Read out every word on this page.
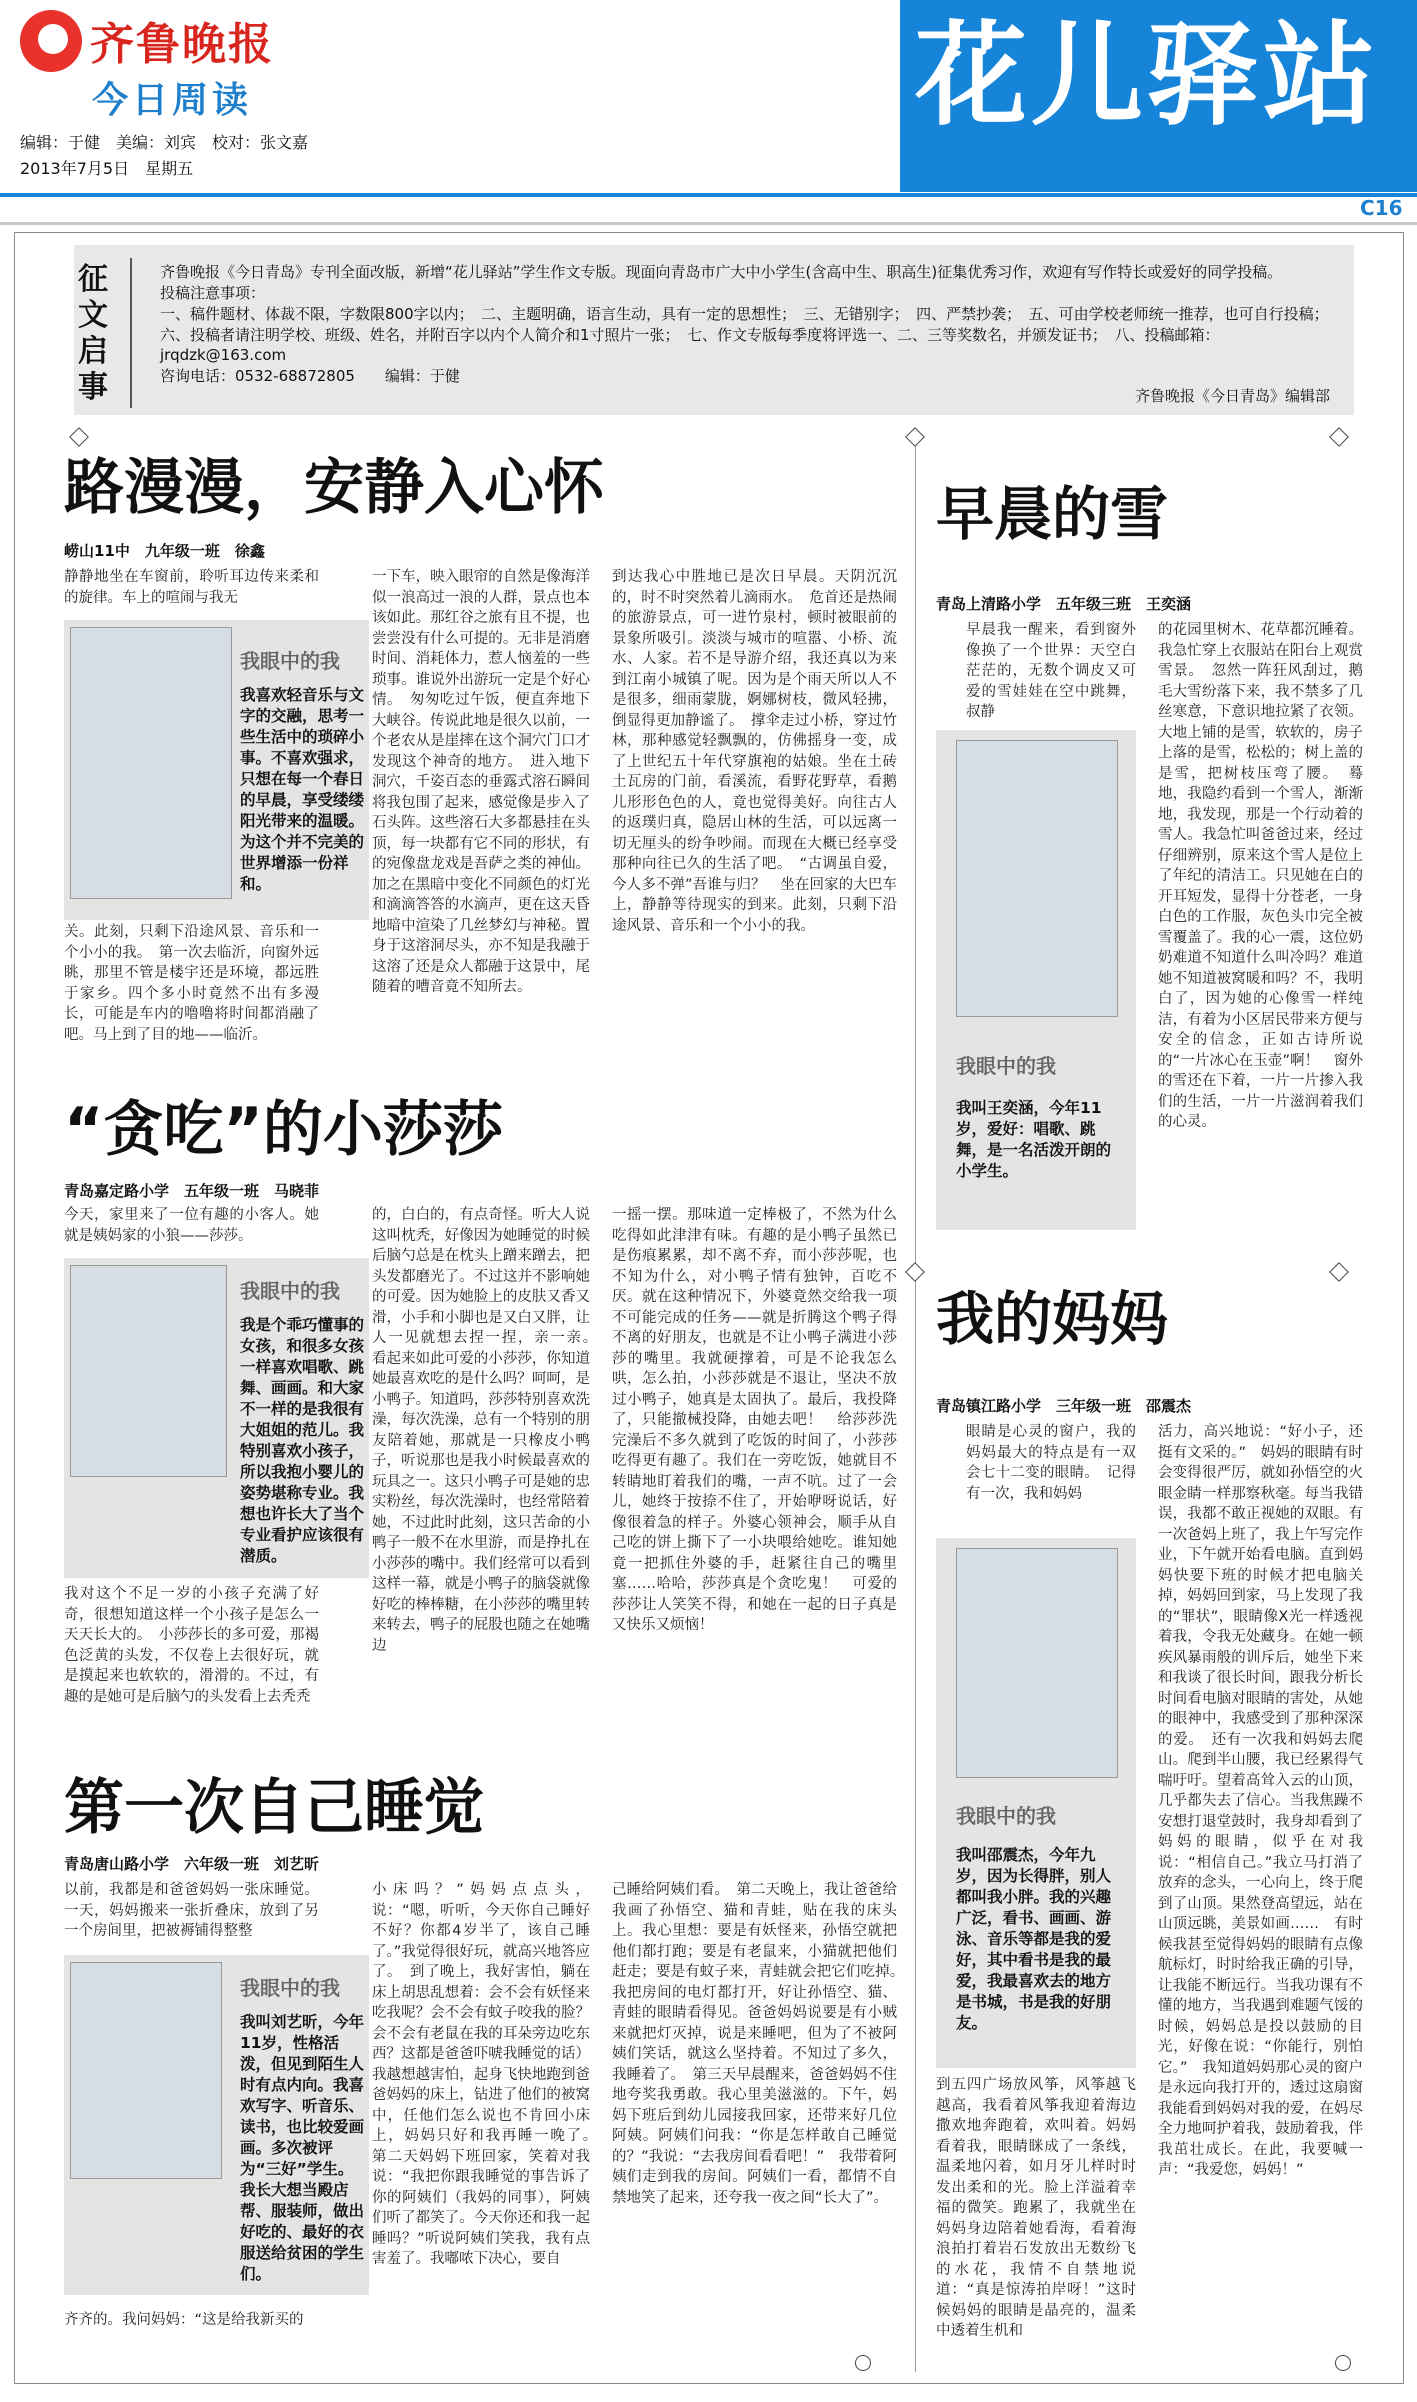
齐鲁晚报
今日周读
编辑：于健　美编：刘宾　校对：张文嘉
2013年7月5日　星期五
花儿驿站
C16
征文启事
齐鲁晚报《今日青岛》专刊全面改版，新增“花儿驿站”学生作文专版。现面向青岛市广大中小学生(含高中生、职高生)征集优秀习作，欢迎有写作特长或爱好的同学投稿。
投稿注意事项：
一、稿件题材、体裁不限，字数限800字以内；　二、主题明确，语言生动，具有一定的思想性；　三、无错别字；　四、严禁抄袭；　五、可由学校老师统一推荐，也可自行投稿；
六、投稿者请注明学校、班级、姓名，并附百字以内个人简介和1寸照片一张；　七、作文专版每季度将评选一、二、三等奖数名，并颁发证书；　八、投稿邮箱：jrqdzk@163.com
咨询电话：0532-68872805　　编辑：于健
齐鲁晚报《今日青岛》编辑部
路漫漫，安静入心怀
崂山11中　九年级一班　徐鑫
静静地坐在车窗前，聆听耳边传来柔和的旋律。车上的喧闹与我无
我眼中的我
我喜欢轻音乐与文字的交融，思考一些生活中的琐碎小事。不喜欢强求，只想在每一个春日的早晨，享受缕缕阳光带来的温暖。为这个并不完美的世界增添一份祥和。
关。此刻，只剩下沿途风景、音乐和一个小小的我。　第一次去临沂，向窗外远眺，那里不管是楼宇还是环境，都远胜于家乡。四个多小时竟然不出有多漫长，可能是车内的噜噜将时间都消融了吧。马上到了目的地——临沂。
一下车，映入眼帘的自然是像海洋似一浪高过一浪的人群，景点也本该如此。那红谷之旅有且不提，也尝尝没有什么可提的。无非是消磨时间、消耗体力，惹人恼羞的一些琐事。谁说外出游玩一定是个好心情。　匆匆吃过午饭，便直奔地下大峡谷。传说此地是很久以前，一个老农从是崖摔在这个洞穴门口才发现这个神奇的地方。　进入地下洞穴，千姿百态的垂露式溶石瞬间将我包围了起来，感觉像是步入了石头阵。这些溶石大多都悬挂在头顶，每一块都有它不同的形状，有的宛像盘龙戏是吾萨之类的神仙。加之在黑暗中变化不同颜色的灯光和滴滴答答的水滴声，更在这天昏地暗中渲染了几丝梦幻与神秘。置身于这溶洞尽头，亦不知是我融于这溶了还是众人都融于这景中，尾随着的嘈音竟不知所去。
到达我心中胜地已是次日早晨。天阴沉沉的，时不时突然着儿滴雨水。　危首还是热闹的旅游景点，可一进竹泉村，顿时被眼前的景象所吸引。淡淡与城市的喧嚣、小桥、流水、人家。若不是导游介绍，我还真以为来到江南小城镇了呢。因为是个雨天所以人不是很多，细雨蒙胧，婀娜树枝，微风轻拂，倒显得更加静谧了。　撑伞走过小桥，穿过竹林，那种感觉轻飘飘的，仿佛摇身一变，成了上世纪五十年代穿旗袍的姑娘。坐在土砖土瓦房的门前，看溪流，看野花野草，看鹅儿形形色色的人，竟也觉得美好。向往古人的返璞归真，隐居山林的生活，可以远离一切无厘头的纷争吵闹。而现在大概已经享受那种向往已久的生活了吧。　“古调虽自爱，今人多不弹”吾谁与归？　坐在回家的大巴车上，静静等待现实的到来。此刻，只剩下沿途风景、音乐和一个小小的我。
“贪吃”的小莎莎
青岛嘉定路小学　五年级一班　马晓菲
今天，家里来了一位有趣的小客人。她就是姨妈家的小狼——莎莎。
我眼中的我
我是个乖巧懂事的女孩，和很多女孩一样喜欢唱歌、跳舞、画画。和大家不一样的是我很有大姐姐的范儿。我特别喜欢小孩子，所以我抱小婴儿的姿势堪称专业。我想也许长大了当个专业看护应该很有潜质。
我对这个不足一岁的小孩子充满了好奇，很想知道这样一个小孩子是怎么一天天长大的。　小莎莎长的多可爱，那褐色泛黄的头发，不仅卷上去很好玩，就是摸起来也软软的，滑滑的。不过，有趣的是她可是后脑勺的头发看上去秃秃
的，白白的，有点奇怪。听大人说这叫枕秃，好像因为她睡觉的时候后脑勺总是在枕头上蹭来蹭去，把头发都磨光了。不过这并不影响她的可爱。因为她脸上的皮肤又香又滑，小手和小脚也是又白又胖，让人一见就想去捏一捏，亲一亲。　看起来如此可爱的小莎莎，你知道她最喜欢吃的是什么吗？呵呵，是小鸭子。知道吗，莎莎特别喜欢洗澡，每次洗澡，总有一个特别的朋友陪着她，那就是一只橡皮小鸭子，听说那也是我小时候最喜欢的玩具之一。这只小鸭子可是她的忠实粉丝，每次洗澡时，也经常陪着她，不过此时此刻，这只苦命的小鸭子一般不在水里游，而是挣扎在小莎莎的嘴中。我们经常可以看到这样一幕，就是小鸭子的脑袋就像好吃的棒棒糖，在小莎莎的嘴里转来转去，鸭子的屁股也随之在她嘴边
一摇一摆。那味道一定棒极了，不然为什么吃得如此津津有味。有趣的是小鸭子虽然已是伤痕累累，却不离不弃，而小莎莎呢，也不知为什么，对小鸭子情有独钟，百吃不厌。就在这种情况下，外婆竟然交给我一项不可能完成的任务——就是折腾这个鸭子得不离的好朋友，也就是不让小鸭子满进小莎莎的嘴里。我就硬撑着，可是不论我怎么哄，怎么拍，小莎莎就是不退让，坚决不放过小鸭子，她真是太固执了。最后，我投降了，只能撤械投降，由她去吧！　给莎莎洗完澡后不多久就到了吃饭的时间了，小莎莎吃得更有趣了。我们在一旁吃饭，她就目不转睛地盯着我们的嘴，一声不吭。过了一会儿，她终于按捺不住了，开始咿呀说话，好像很着急的样子。外婆心领神会，顺手从自己吃的饼上撕下了一小块喂给她吃。谁知她竟一把抓住外婆的手，赶紧往自己的嘴里塞……哈哈，莎莎真是个贪吃鬼！　可爱的莎莎让人笑笑不得，和她在一起的日子真是又快乐又烦恼！
第一次自己睡觉
青岛唐山路小学　六年级一班　刘艺昕
以前，我都是和爸爸妈妈一张床睡觉。一天，妈妈搬来一张折叠床，放到了另一个房间里，把被褥铺得整整
我眼中的我
我叫刘艺昕，今年11岁，性格活泼，但见到陌生人时有点内向。我喜欢写字、听音乐、读书，也比较爱画画。多次被评为“三好”学生。我长大想当殿店帮、服装师，做出好吃的、最好的衣服送给贫困的学生们。
齐齐的。我问妈妈：“这是给我新买的
小床吗？”妈妈点点头，说：“嗯，听听，今天你自己睡好不好？你都4岁半了，该自己睡了。”我觉得很好玩，就高兴地答应了。　到了晚上，我好害怕，躺在床上胡思乱想着：会不会有妖怪来吃我呢？会不会有蚊子咬我的脸？会不会有老鼠在我的耳朵旁边吃东西？这都是爸爸吓唬我睡觉的话）我越想越害怕，起身飞快地跑到爸爸妈妈的床上，钻进了他们的被窝中，任他们怎么说也不肯回小床上，妈妈只好和我再睡一晚了。　第二天妈妈下班回家，笑着对我说：“我把你跟我睡觉的事告诉了你的阿姨们（我妈的同事），阿姨们听了都笑了。今天你还和我一起睡吗？”听说阿姨们笑我，我有点害羞了。我嘟哝下决心，要自
己睡给阿姨们看。　第二天晚上，我让爸爸给我画了孙悟空、猫和青蛙，贴在我的床头上。我心里想：要是有妖怪来，孙悟空就把他们都打跑；要是有老鼠来，小猫就把他们赶走；要是有蚊子来，青蛙就会把它们吃掉。　我把房间的电灯都打开，好让孙悟空、猫、青蛙的眼睛看得见。爸爸妈妈说要是有小贼来就把灯灭掉，说是来睡吧，但为了不被阿姨们笑话，就这么坚持着。不知过了多久，我睡着了。　第三天早晨醒来，爸爸妈妈不住地夸奖我勇敢。我心里美滋滋的。下午，妈妈下班后到幼儿园接我回家，还带来好几位阿姨。阿姨们问我：“你是怎样敢自己睡觉的？”我说：“去我房间看看吧！”　我带着阿姨们走到我的房间。阿姨们一看，都情不自禁地笑了起来，还夸我一夜之间“长大了”。
早晨的雪
青岛上清路小学　五年级三班　王奕涵
早晨我一醒来，看到窗外像换了一个世界：天空白茫茫的，无数个调皮又可爱的雪娃娃在空中跳舞，叔静
我眼中的我
我叫王奕涵，今年11岁，爱好：唱歌、跳舞，是一名活泼开朗的小学生。
的花园里树木、花草都沉睡着。我急忙穿上衣服站在阳台上观赏雪景。　忽然一阵狂风刮过，鹅毛大雪纷落下来，我不禁多了几丝寒意，下意识地拉紧了衣领。大地上铺的是雪，软软的，房子上落的是雪，松松的；树上盖的是雪，把树枝压弯了腰。　蓦地，我隐约看到一个雪人，渐渐地，我发现，那是一个行动着的雪人。我急忙叫爸爸过来，经过仔细辨别，原来这个雪人是位上了年纪的清洁工。只见她在白的开耳短发，显得十分苍老，一身白色的工作服，灰色头巾完全被雪覆盖了。我的心一震，这位奶奶难道不知道什么叫冷吗？难道她不知道被窝暖和吗？不，我明白了，因为她的心像雪一样纯洁，有着为小区居民带来方便与安全的信念，正如古诗所说的“一片冰心在玉壶”啊！　窗外的雪还在下着，一片一片掺入我们的生活，一片一片滋润着我们的心灵。
我的妈妈
青岛镇江路小学　三年级一班　邵震杰
眼睛是心灵的窗户，我的妈妈最大的特点是有一双会七十二变的眼睛。　记得有一次，我和妈妈
我眼中的我
我叫邵震杰，今年九岁，因为长得胖，别人都叫我小胖。我的兴趣广泛，看书、画画、游泳、音乐等都是我的爱好，其中看书是我的最爱，我最喜欢去的地方是书城，书是我的好朋友。
到五四广场放风筝，风筝越飞越高，我看着风筝我迎着海边撒欢地奔跑着，欢叫着。妈妈看着我，眼睛眯成了一条线，温柔地闪着，如月牙儿样时时发出柔和的光。脸上洋溢着幸福的微笑。跑累了，我就坐在妈妈身边陪着她看海，看着海浪拍打着岩石发放出无数纷飞的水花，我情不自禁地说道：“真是惊涛拍岸呀！”这时候妈妈的眼睛是晶亮的，温柔中透着生机和
活力，高兴地说：“好小子，还挺有文采的。”　妈妈的眼睛有时会变得很严厉，就如孙悟空的火眼金睛一样那察秋毫。每当我错误，我都不敢正视她的双眼。有一次爸妈上班了，我上午写完作业，下午就开始看电脑。直到妈妈快要下班的时候才把电脑关掉，妈妈回到家，马上发现了我的“罪状”，眼睛像X光一样透视着我，令我无处藏身。在她一顿疾风暴雨般的训斥后，她坐下来和我谈了很长时间，跟我分析长时间看电脑对眼睛的害处，从她的眼神中，我感受到了那种深深的爱。　还有一次我和妈妈去爬山。爬到半山腰，我已经累得气喘吁吁。望着高耸入云的山顶，几乎都失去了信心。当我焦躁不安想打退堂鼓时，我身却看到了妈妈的眼睛，似乎在对我说：“相信自己。”我立马打消了放弃的念头，一心向上，终于爬到了山顶。果然登高望远，站在山顶远眺，美景如画……　有时候我甚至觉得妈妈的眼睛有点像航标灯，时时给我正确的引导，让我能不断远行。当我功课有不懂的地方，当我遇到难题气馁的时候，妈妈总是投以鼓励的目光，好像在说：“你能行，别怕它。”　我知道妈妈那心灵的窗户是永远向我打开的，透过这扇窗我能看到妈妈对我的爱，在妈尽全力地呵护着我，鼓励着我，伴我茁壮成长。在此，我要喊一声：“我爱您，妈妈！”
